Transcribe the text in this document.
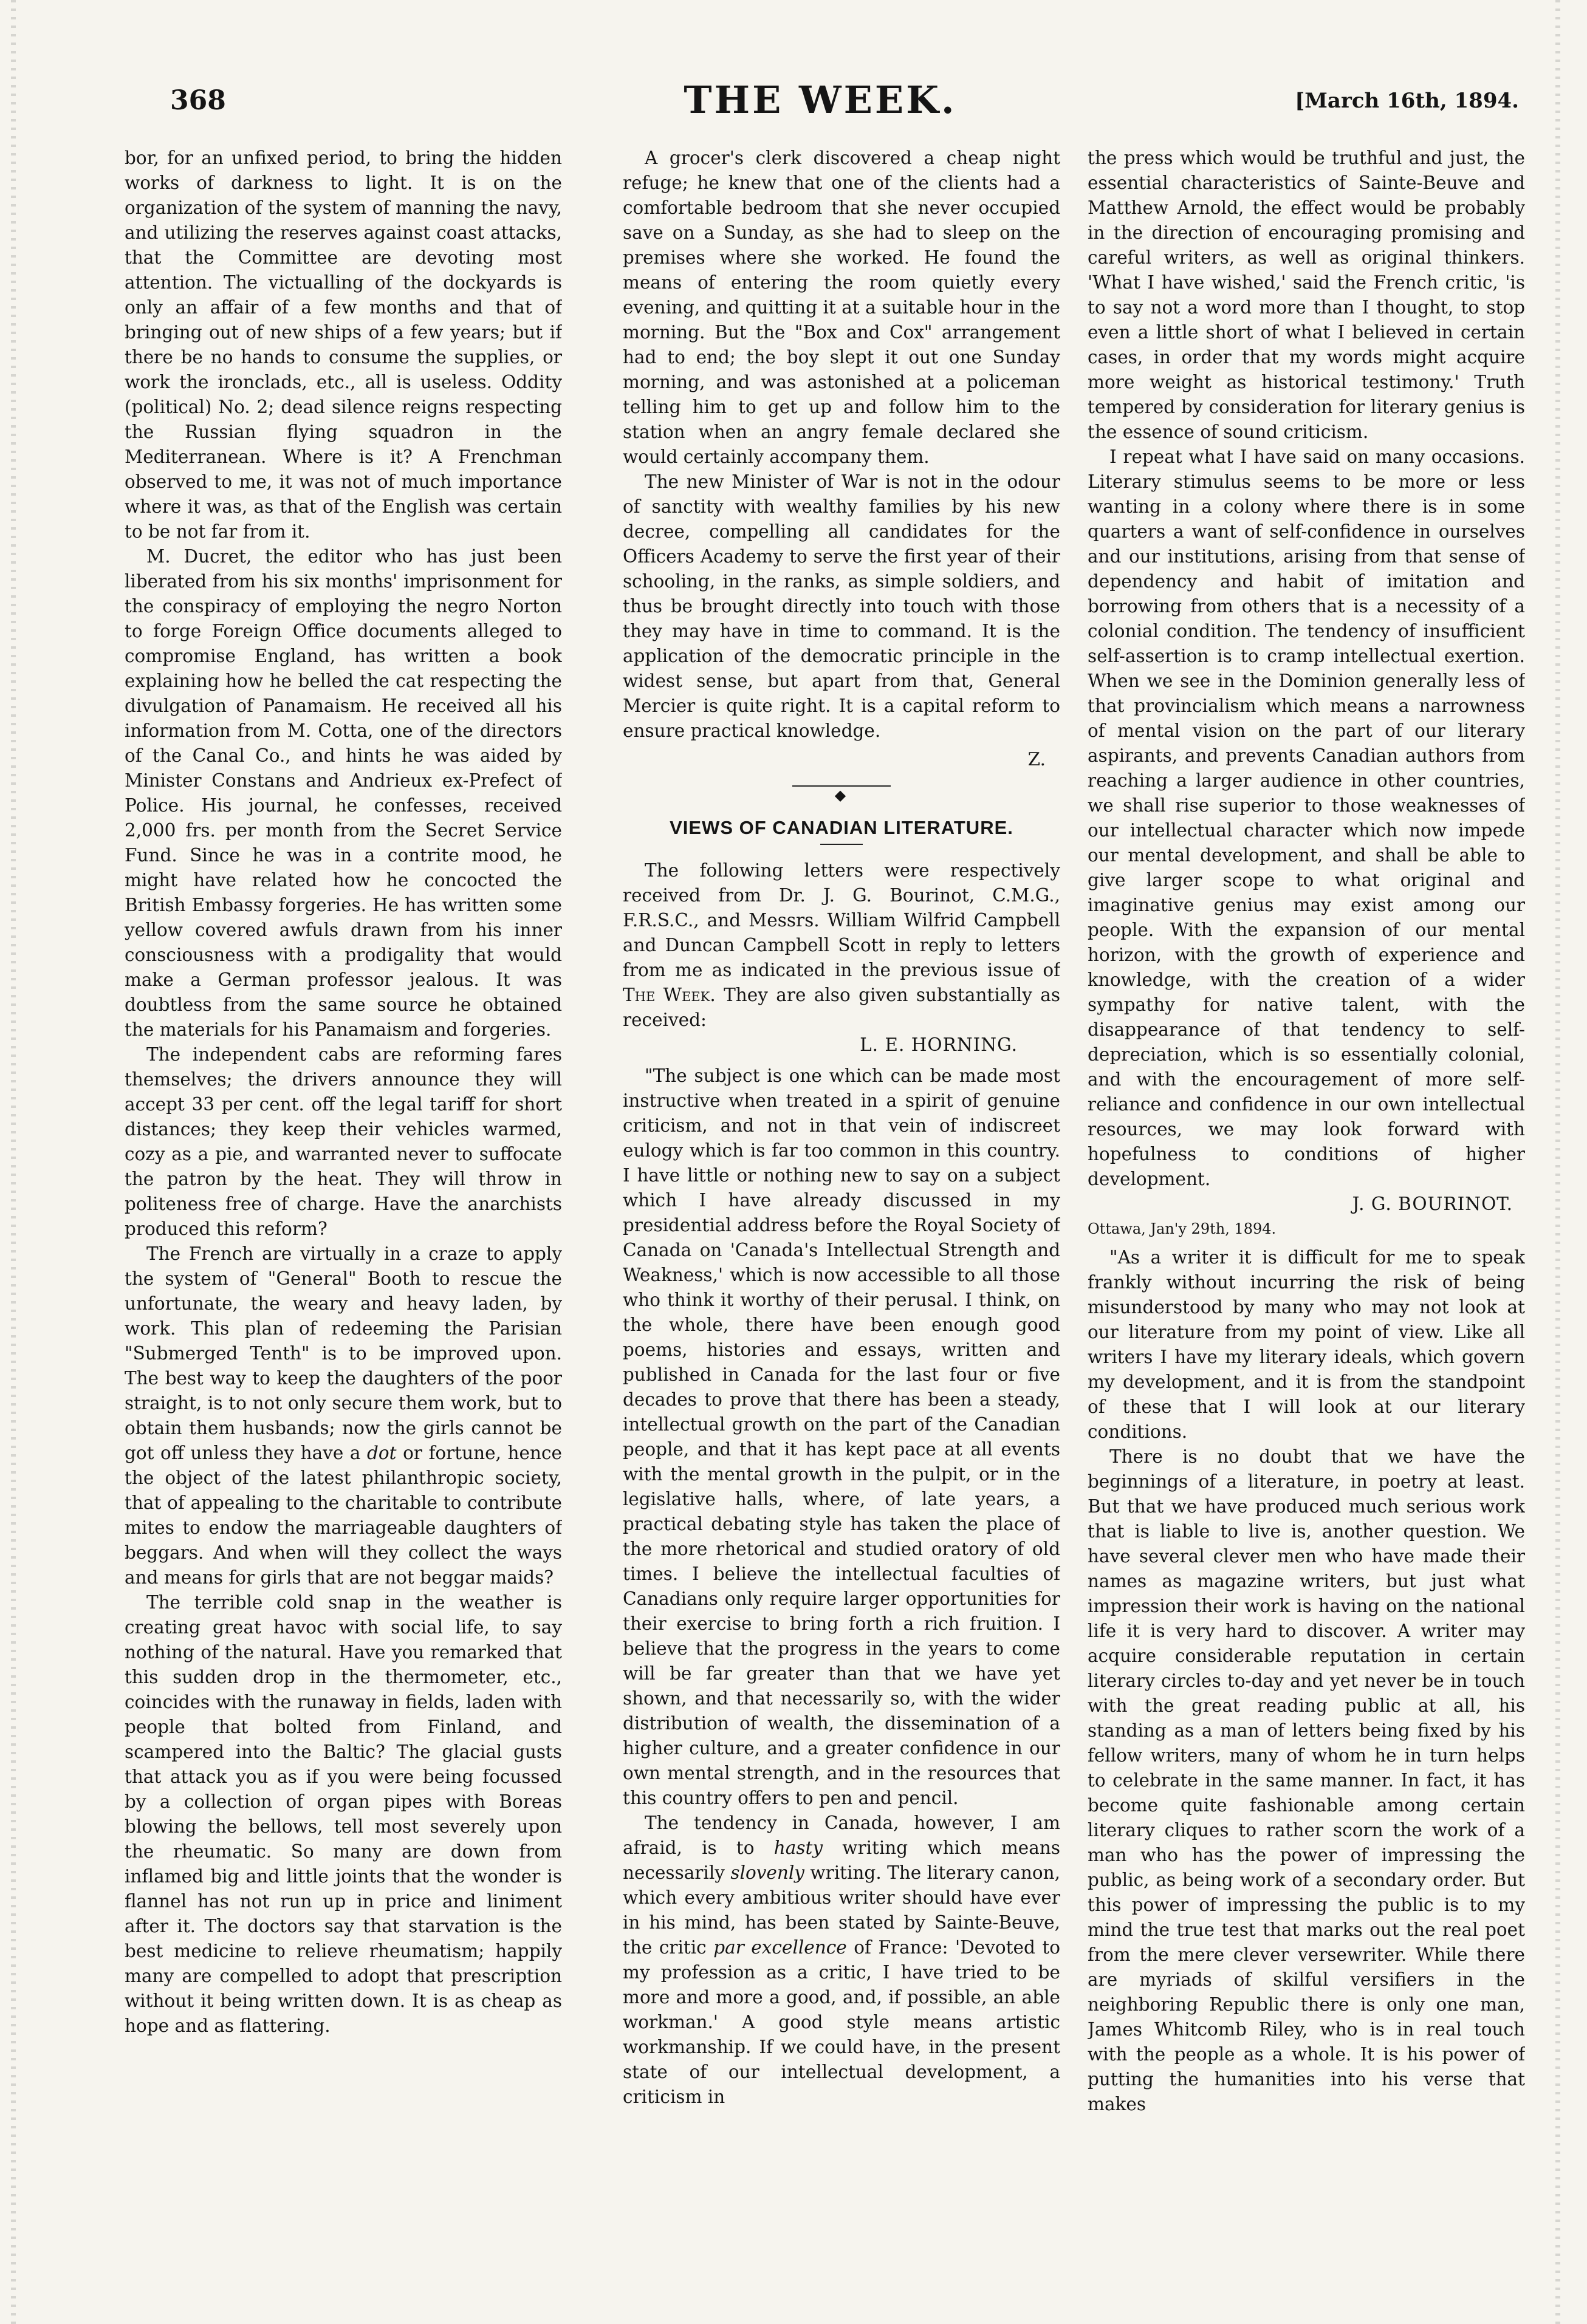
368	THE WEEK.	[March 16th, 1894.

bor, for an unfixed period, to bring the hidden works of darkness to light. It is on the organization of the system of manning the navy, and utilizing the reserves against coast attacks, that the Committee are devoting most attention. The victualling of the dockyards is only an affair of a few months and that of bringing out of new ships of a few years; but if there be no hands to consume the supplies, or work the ironclads, etc., all is useless. Oddity (political) No. 2; dead silence reigns respecting the Russian flying squadron in the Mediterranean. Where is it? A Frenchman observed to me, it was not of much importance where it was, as that of the English was certain to be not far from it.

M. Ducret, the editor who has just been liberated from his six months' imprisonment for the conspiracy of employing the negro Norton to forge Foreign Office documents alleged to compromise England, has written a book explaining how he belled the cat respecting the divulgation of Panamaism. He received all his information from M. Cotta, one of the directors of the Canal Co., and hints he was aided by Minister Constans and Andrieux ex-Prefect of Police. His journal, he confesses, received 2,000 frs. per month from the Secret Service Fund. Since he was in a contrite mood, he might have related how he concocted the British Embassy forgeries. He has written some yellow covered awfuls drawn from his inner consciousness with a prodigality that would make a German professor jealous. It was doubtless from the same source he obtained the materials for his Panamaism and forgeries.

The independent cabs are reforming fares themselves; the drivers announce they will accept 33 per cent. off the legal tariff for short distances; they keep their vehicles warmed, cozy as a pie, and warranted never to suffocate the patron by the heat. They will throw in politeness free of charge. Have the anarchists produced this reform?

The French are virtually in a craze to apply the system of "General" Booth to rescue the unfortunate, the weary and heavy laden, by work. This plan of redeeming the Parisian "Submerged Tenth" is to be improved upon. The best way to keep the daughters of the poor straight, is to not only secure them work, but to obtain them husbands; now the girls cannot be got off unless they have a dot or fortune, hence the object of the latest philanthropic society, that of appealing to the charitable to contribute mites to endow the marriageable daughters of beggars. And when will they collect the ways and means for girls that are not beggar maids?

The terrible cold snap in the weather is creating great havoc with social life, to say nothing of the natural. Have you remarked that this sudden drop in the thermometer, etc., coincides with the runaway in fields, laden with people that bolted from Finland, and scampered into the Baltic? The glacial gusts that attack you as if you were being focussed by a collection of organ pipes with Boreas blowing the bellows, tell most severely upon the rheumatic. So many are down from inflamed big and little joints that the wonder is flannel has not run up in price and liniment after it. The doctors say that starvation is the best medicine to relieve rheumatism; happily many are compelled to adopt that prescription without it being written down. It is as cheap as hope and as flattering.

A grocer's clerk discovered a cheap night refuge; he knew that one of the clients had a comfortable bedroom that she never occupied save on a Sunday, as she had to sleep on the premises where she worked. He found the means of entering the room quietly every evening, and quitting it at a suitable hour in the morning. But the "Box and Cox" arrangement had to end; the boy slept it out one Sunday morning, and was astonished at a policeman telling him to get up and follow him to the station when an angry female declared she would certainly accompany them.

The new Minister of War is not in the odour of sanctity with wealthy families by his new decree, compelling all candidates for the Officers Academy to serve the first year of their schooling, in the ranks, as simple soldiers, and thus be brought directly into touch with those they may have in time to command. It is the application of the democratic principle in the widest sense, but apart from that, General Mercier is quite right. It is a capital reform to ensure practical knowledge.

Z.
◆
VIEWS OF CANADIAN LITERATURE.

The following letters were respectively received from Dr. J. G. Bourinot, C.M.G., F.R.S.C., and Messrs. William Wilfrid Campbell and Duncan Campbell Scott in reply to letters from me as indicated in the previous issue of The Week. They are also given substantially as received:

L. E. HORNING.

"The subject is one which can be made most instructive when treated in a spirit of genuine criticism, and not in that vein of indiscreet eulogy which is far too common in this country. I have little or nothing new to say on a subject which I have already discussed in my presidential address before the Royal Society of Canada on 'Canada's Intellectual Strength and Weakness,' which is now accessible to all those who think it worthy of their perusal. I think, on the whole, there have been enough good poems, histories and essays, written and published in Canada for the last four or five decades to prove that there has been a steady, intellectual growth on the part of the Canadian people, and that it has kept pace at all events with the mental growth in the pulpit, or in the legislative halls, where, of late years, a practical debating style has taken the place of the more rhetorical and studied oratory of old times. I believe the intellectual faculties of Canadians only require larger opportunities for their exercise to bring forth a rich fruition. I believe that the progress in the years to come will be far greater than that we have yet shown, and that necessarily so, with the wider distribution of wealth, the dissemination of a higher culture, and a greater confidence in our own mental strength, and in the resources that this country offers to pen and pencil.

The tendency in Canada, however, I am afraid, is to hasty writing which means necessarily slovenly writing. The literary canon, which every ambitious writer should have ever in his mind, has been stated by Sainte-Beuve, the critic par excellence of France: 'Devoted to my profession as a critic, I have tried to be more and more a good, and, if possible, an able workman.' A good style means artistic workmanship. If we could have, in the present state of our intellectual development, a criticism in

the press which would be truthful and just, the essential characteristics of Sainte-Beuve and Matthew Arnold, the effect would be probably in the direction of encouraging promising and careful writers, as well as original thinkers. 'What I have wished,' said the French critic, 'is to say not a word more than I thought, to stop even a little short of what I believed in certain cases, in order that my words might acquire more weight as historical testimony.' Truth tempered by consideration for literary genius is the essence of sound criticism.

I repeat what I have said on many occasions. Literary stimulus seems to be more or less wanting in a colony where there is in some quarters a want of self-confidence in ourselves and our institutions, arising from that sense of dependency and habit of imitation and borrowing from others that is a necessity of a colonial condition. The tendency of insufficient self-assertion is to cramp intellectual exertion. When we see in the Dominion generally less of that provincialism which means a narrowness of mental vision on the part of our literary aspirants, and prevents Canadian authors from reaching a larger audience in other countries, we shall rise superior to those weaknesses of our intellectual character which now impede our mental development, and shall be able to give larger scope to what original and imaginative genius may exist among our people. With the expansion of our mental horizon, with the growth of experience and knowledge, with the creation of a wider sympathy for native talent, with the disappearance of that tendency to self-depreciation, which is so essentially colonial, and with the encouragement of more self-reliance and confidence in our own intellectual resources, we may look forward with hopefulness to conditions of higher development.

J. G. BOURINOT.

Ottawa, Jan'y 29th, 1894.

"As a writer it is difficult for me to speak frankly without incurring the risk of being misunderstood by many who may not look at our literature from my point of view. Like all writers I have my literary ideals, which govern my development, and it is from the standpoint of these that I will look at our literary conditions.

There is no doubt that we have the beginnings of a literature, in poetry at least. But that we have produced much serious work that is liable to live is, another question. We have several clever men who have made their names as magazine writers, but just what impression their work is having on the national life it is very hard to discover. A writer may acquire considerable reputation in certain literary circles to-day and yet never be in touch with the great reading public at all, his standing as a man of letters being fixed by his fellow writers, many of whom he in turn helps to celebrate in the same manner. In fact, it has become quite fashionable among certain literary cliques to rather scorn the work of a man who has the power of impressing the public, as being work of a secondary order. But this power of impressing the public is to my mind the true test that marks out the real poet from the mere clever versewriter. While there are myriads of skilful versifiers in the neighboring Republic there is only one man, James Whitcomb Riley, who is in real touch with the people as a whole. It is his power of putting the humanities into his verse that makes
